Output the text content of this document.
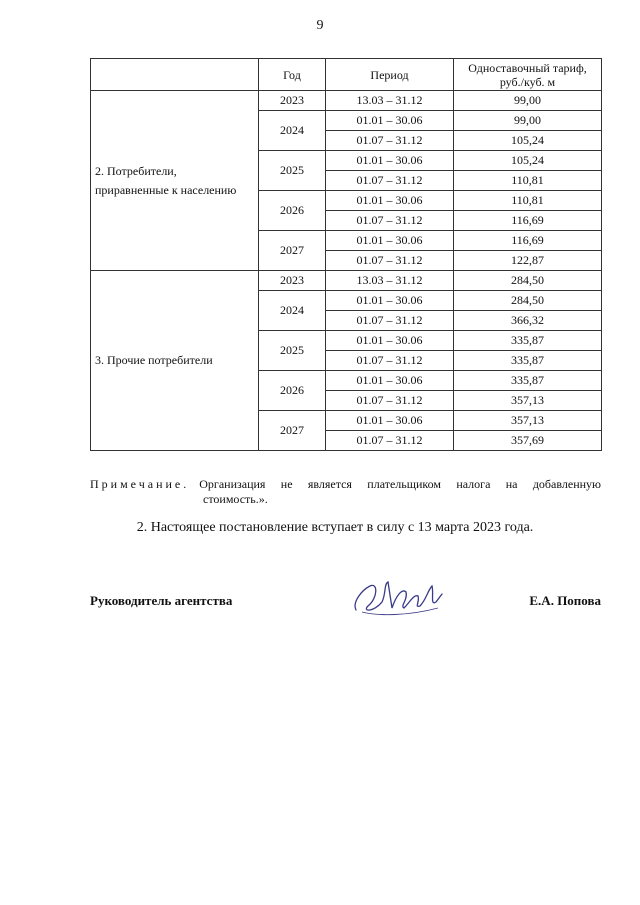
9
	Год	Период	Одноставочный тариф,
руб./куб. м
2. Потребители,
приравненные к населению	2023	13.03 – 31.12	99,00
	2024	01.01 – 30.06	99,00
		01.07 – 31.12	105,24
	2025	01.01 – 30.06	105,24
		01.07 – 31.12	110,81
	2026	01.01 – 30.06	110,81
		01.07 – 31.12	116,69
	2027	01.01 – 30.06	116,69
		01.07 – 31.12	122,87
3. Прочие потребители	2023	13.03 – 31.12	284,50
	2024	01.01 – 30.06	284,50
		01.07 – 31.12	366,32
	2025	01.01 – 30.06	335,87
		01.07 – 31.12	335,87
	2026	01.01 – 30.06	335,87
		01.07 – 31.12	357,13
	2027	01.01 – 30.06	357,13
		01.07 – 31.12	357,69
Примечание. Организация не является плательщиком налога на добавленную
стоимость.».
2. Настоящее постановление вступает в силу с 13 марта 2023 года.
Руководитель агентства	Е.А. Попова
